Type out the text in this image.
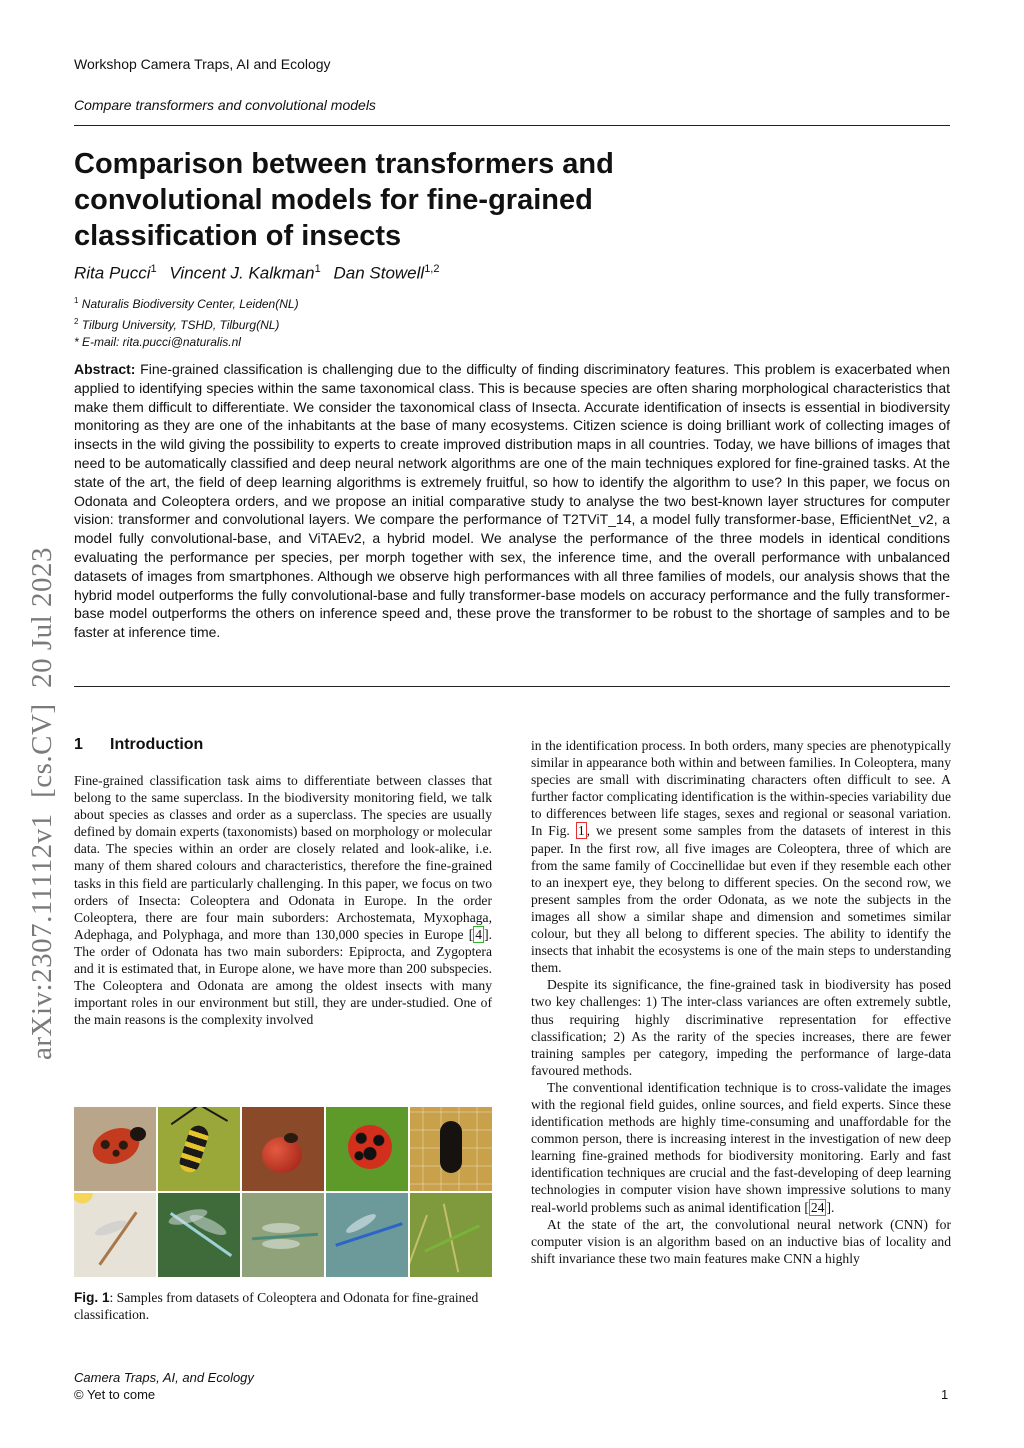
Workshop Camera Traps, AI and Ecology
Compare transformers and convolutional models
Comparison between transformers and convolutional models for fine-grained classification of insects
Rita Pucci$^1$ Vincent J. Kalkman$^1$ Dan Stowell$^{1,2}$
$^1$ Naturalis Biodiversity Center, Leiden(NL)
$^2$ Tilburg University, TSHD, Tilburg(NL)
* E-mail: rita.pucci@naturalis.nl

Abstract: Fine-grained classification is challenging due to the difficulty of finding discriminatory features. This problem is exacerbated when applied to identifying species within the same taxonomical class. This is because species are often sharing morphological characteristics that make them difficult to differentiate. We consider the taxonomical class of Insecta. Accurate identification of insects is essential in biodiversity monitoring as they are one of the inhabitants at the base of many ecosystems. Citizen science is doing brilliant work of collecting images of insects in the wild giving the possibility to experts to create improved distribution maps in all countries. Today, we have billions of images that need to be automatically classified and deep neural network algorithms are one of the main techniques explored for fine-grained tasks. At the state of the art, the field of deep learning algorithms is extremely fruitful, so how to identify the algorithm to use? In this paper, we focus on Odonata and Coleoptera orders, and we propose an initial comparative study to analyse the two best-known layer structures for computer vision: transformer and convolutional layers. We compare the performance of T2TViT_14, a model fully transformer-base, EfficientNet_v2, a model fully convolutional-base, and ViTAEv2, a hybrid model. We analyse the performance of the three models in identical conditions evaluating the performance per species, per morph together with sex, the inference time, and the overall performance with unbalanced datasets of images from smartphones. Although we observe high performances with all three families of models, our analysis shows that the hybrid model outperforms the fully convolutional-base and fully transformer-base models on accuracy performance and the fully transformer-base model outperforms the others on inference speed and, these prove the transformer to be robust to the shortage of samples and to be faster at inference time.

arXiv:2307.11112v1  [cs.CV]  20 Jul 2023 1 Introduction

Fine-grained classification task aims to differentiate between classes that belong to the same superclass. In the biodiversity monitoring field, we talk about species as classes and order as a superclass. The species are usually defined by domain experts (taxonomists) based on morphology or molecular data. The species within an order are closely related and look-alike, i.e. many of them shared colours and characteristics, therefore the fine-grained tasks in this field are particularly challenging. In this paper, we focus on two orders of Insecta: Coleoptera and Odonata in Europe. In the order Coleoptera, there are four main suborders: Archostemata, Myxophaga, Adephaga, and Polyphaga, and more than 130,000 species in Europe [ 4 ]. The order of Odonata has two main suborders: Epiprocta, and Zygoptera and it is estimated that, in Europe alone, we have more than 200 subspecies. The Coleoptera and Odonata are among the oldest insects with many important roles in our environment but still, they are under-studied. One of the main reasons is the complexity involved

in the identification process. In both orders, many species are phenotypically similar in appearance both within and between families. In Coleoptera, many species are small with discriminating characters often difficult to see. A further factor complicating identification is the within-species variability due to differences between life stages, sexes and regional or seasonal variation. In Fig. 1 , we present some samples from the datasets of interest in this paper. In the first row, all five images are Coleoptera, three of which are from the same family of Coccinellidae but even if they resemble each other to an inexpert eye, they belong to different species. On the second row, we present samples from the order Odonata, as we note the subjects in the images all show a similar shape and dimension and sometimes similar colour, but they all belong to different species. The ability to identify the insects that inhabit the ecosystems is one of the main steps to understanding them.

Despite its significance, the fine-grained task in biodiversity has posed two key challenges: 1) The inter-class variances are often extremely subtle, thus requiring highly discriminative representation for effective classification; 2) As the rarity of the species increases, there are fewer training samples per category, impeding the performance of large-data favoured methods.

The conventional identification technique is to cross-validate the images with the regional field guides, online sources, and field experts. Since these identification methods are highly time-consuming and unaffordable for the common person, there is increasing interest in the investigation of new deep learning fine-grained methods for biodiversity monitoring. Early and fast identification techniques are crucial and the fast-developing of deep learning technologies in computer vision have shown impressive solutions to many real-world problems such as animal identification [ 24 ].

At the state of the art, the convolutional neural network (CNN) for computer vision is an algorithm based on an inductive bias of locality and shift invariance these two main features make CNN a highly

Fig. 1: Samples from datasets of Coleoptera and Odonata for fine-grained classification.

Camera Traps, AI, and Ecology
© Yet to come	1
